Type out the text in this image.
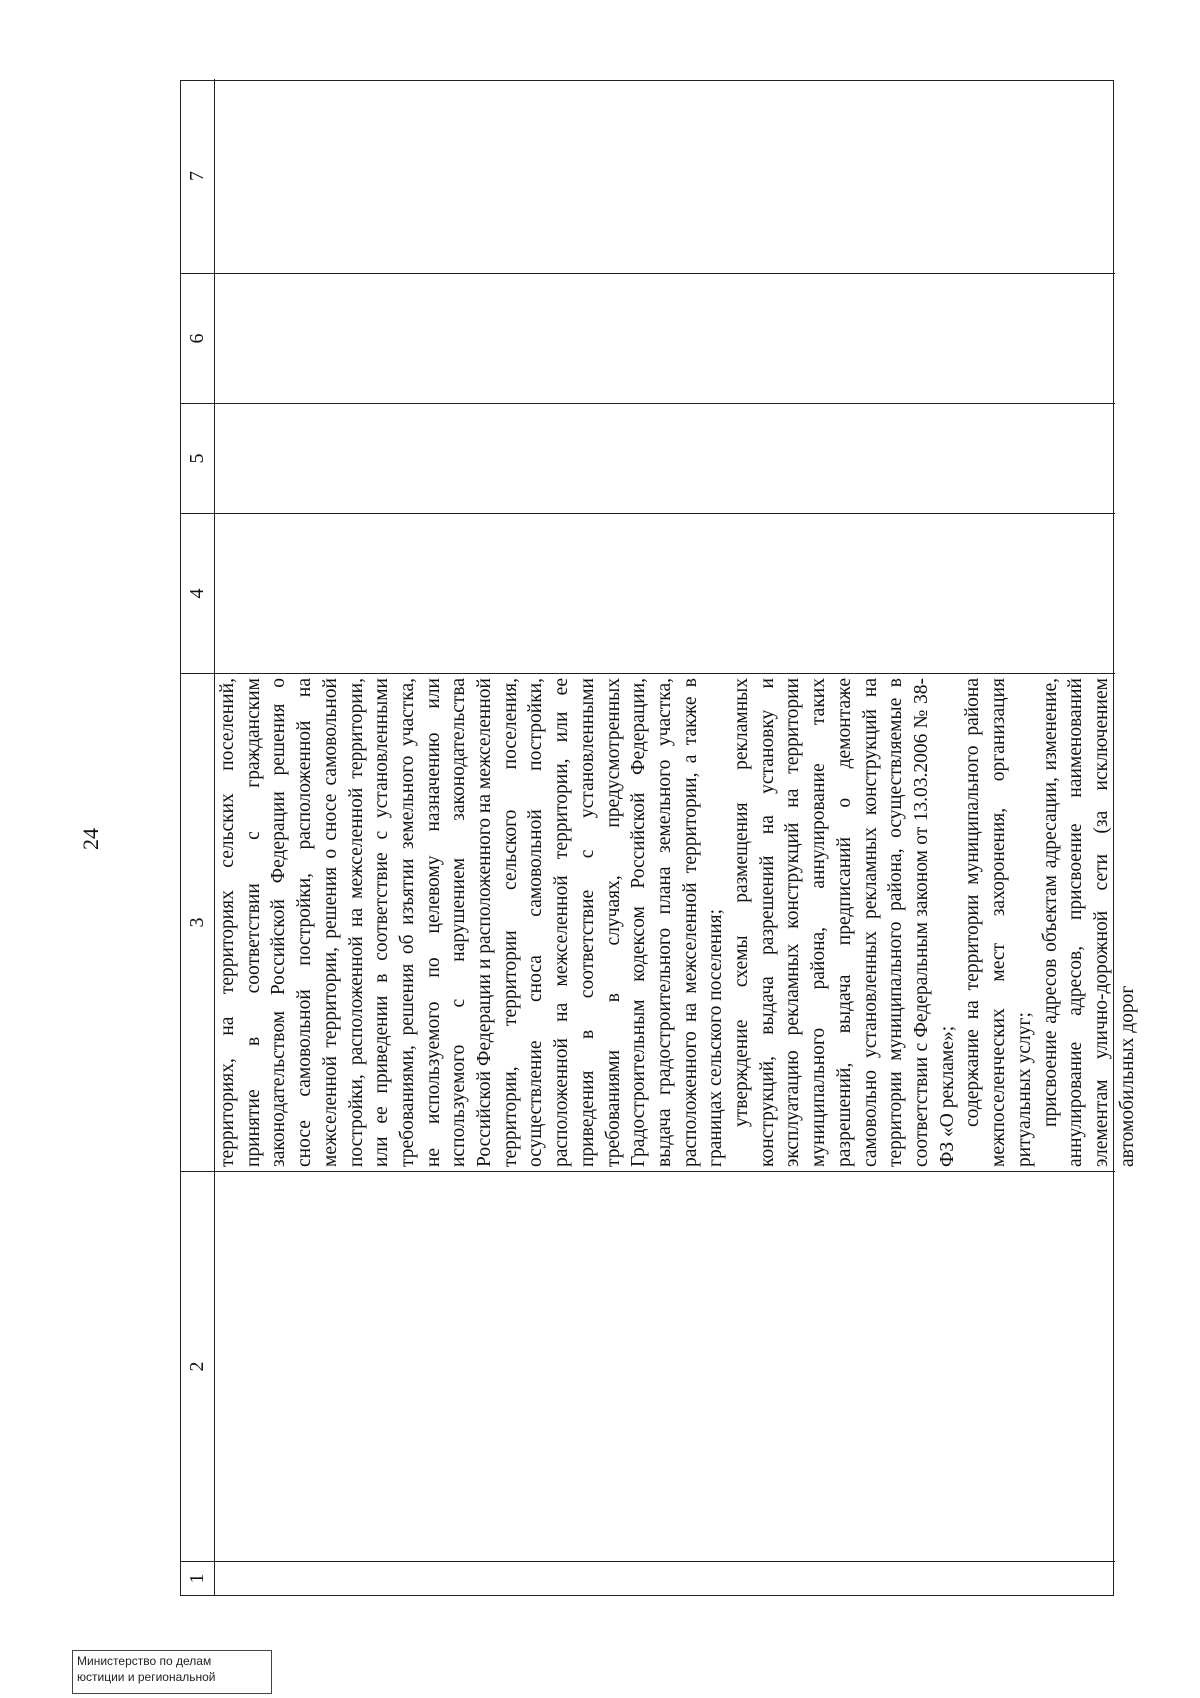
24
1
2
3
4
5
6
7

территориях, на территориях сельских поселений, принятие в соответствии с гражданским законодательством Российской Федерации решения о сносе самовольной постройки, расположенной на межселенной территории, решения о сносе самовольной постройки, расположенной на межселенной территории, или ее приведении в соответствие с установленными требованиями, решения об изъятии земельного участка, не используемого по целевому назначению или используемого с нарушением законодательства Российской Федерации и расположенного на межселенной территории, территории сельского поселения, осуществление сноса самовольной постройки, расположенной на межселенной территории, или ее приведения в соответствие с установленными требованиями в случаях, предусмотренных Градостроительным кодексом Российской Федерации, выдача градостроительного плана земельного участка, расположенного на межселенной территории, а также в границах сельского поселения; утверждение схемы размещения рекламных конструкций, выдача разрешений на установку и эксплуатацию рекламных конструкций на территории муниципального района, аннулирование таких разрешений, выдача предписаний о демонтаже самовольно установленных рекламных конструкций на территории муниципального района, осуществляемые в соответствии с Федеральным законом от 13.03.2006 № 38-ФЗ «О рекламе»; содержание на территории муниципального района межпоселенческих мест захоронения, организация ритуальных услуг; присвоение адресов объектам адресации, изменение, аннулирование адресов, присвоение наименований элементам улично-дорожной сети (за исключением автомобильных дорог

Министерство по делам
юстиции и региональной
